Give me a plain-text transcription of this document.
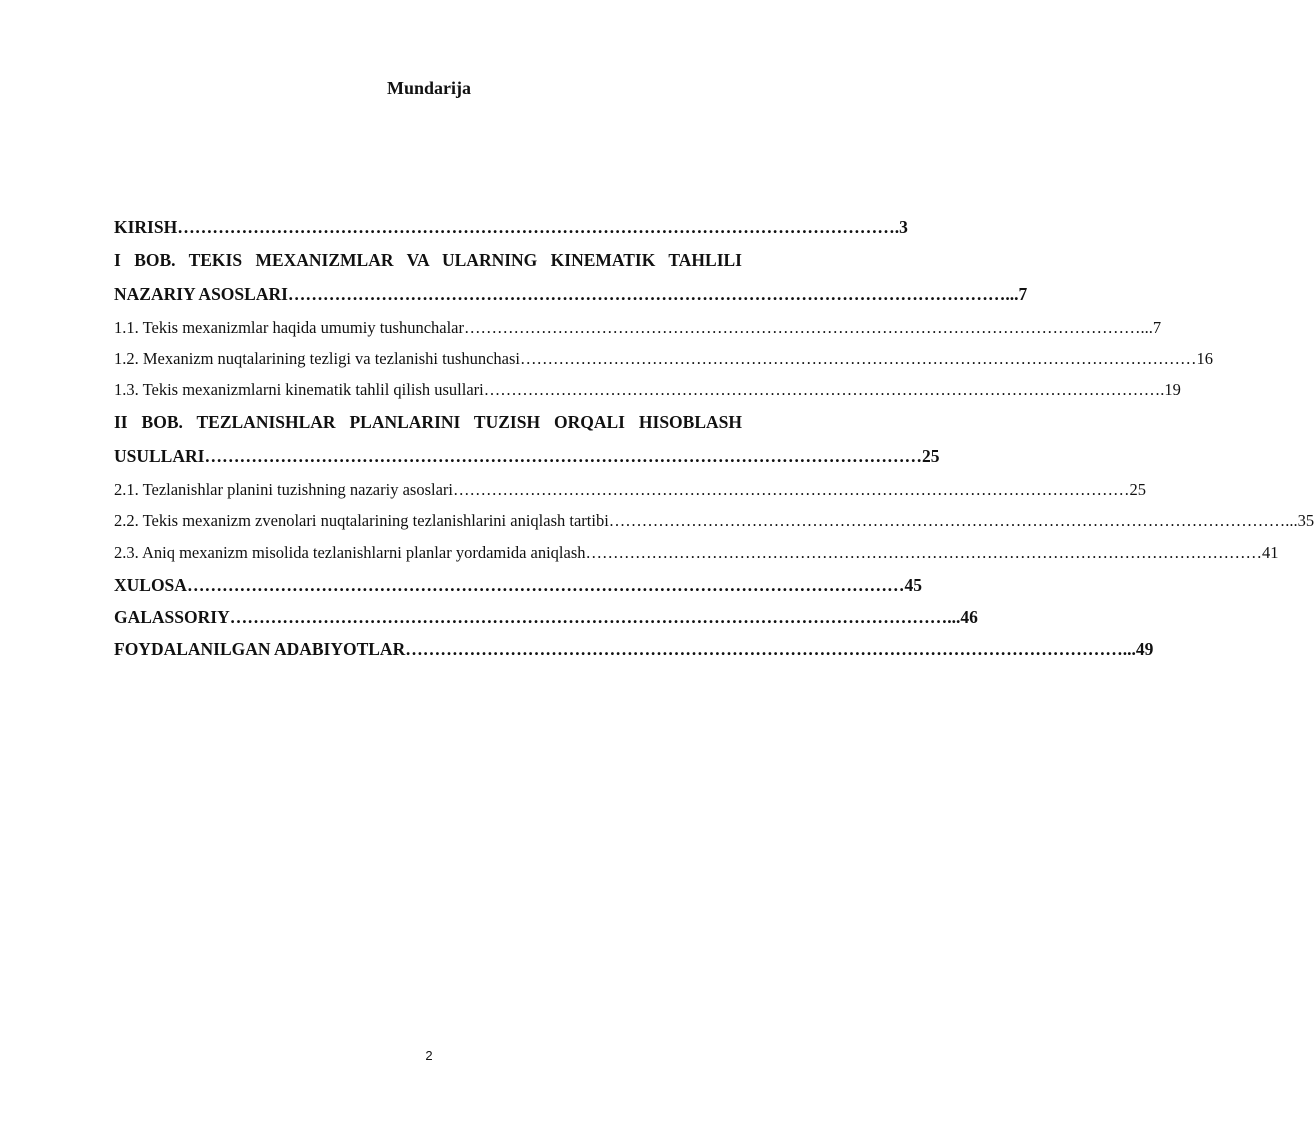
Mundarija
KIRISH …………………………………………………………………………………………………………… .3
I BOB. TEKIS MEXANIZMLAR VA ULARNING KINEMATIK TAHLILI
NAZARIY ASOSLARI …………………………………………………………………………………………………………… ...7
1.1. Tekis mexanizmlar haqida umumiy tushunchalar …………………………………………………………………………………………………………… ...7
1.2. Mexanizm nuqtalarining tezligi va tezlanishi tushunchasi …………………………………………………………………………………………………………… 16
1.3. Tekis mexanizmlarni kinematik tahlil qilish usullari …………………………………………………………………………………………………………… .19
II BOB. TEZLANISHLAR PLANLARINI TUZISH ORQALI HISOBLASH
USULLARI …………………………………………………………………………………………………………… 25
2.1. Tezlanishlar planini tuzishning nazariy asoslari …………………………………………………………………………………………………………… 25
2.2. Tekis mexanizm zvenolari nuqtalarining tezlanishlarini aniqlash tartibi …………………………………………………………………………………………………………… ...35
2.3. Aniq mexanizm misolida tezlanishlarni planlar yordamida aniqlash …………………………………………………………………………………………………………… 41
XULOSA …………………………………………………………………………………………………………… 45
GALASSORIY …………………………………………………………………………………………………………… ...46
FOYDALANILGAN ADABIYOTLAR …………………………………………………………………………………………………………… ...49
2
